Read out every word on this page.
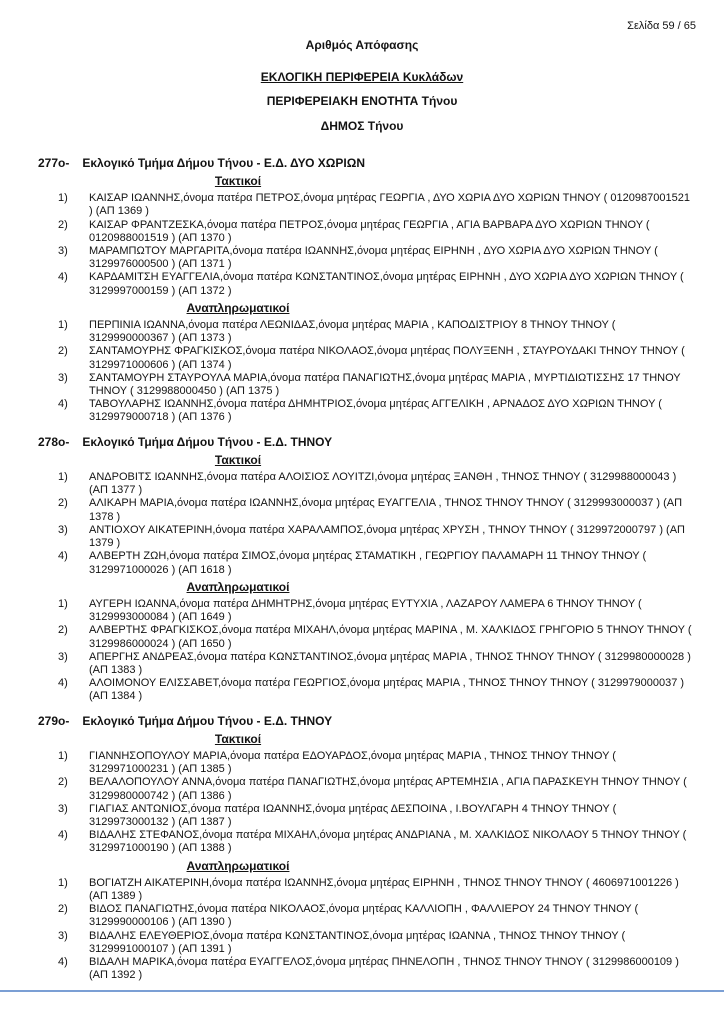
Σελίδα 59 / 65
Αριθμός Απόφασης
ΕΚΛΟΓΙΚΗ ΠΕΡΙΦΕΡΕΙΑ Κυκλάδων
ΠΕΡΙΦΕΡΕΙΑΚΗ ΕΝΟΤΗΤΑ Τήνου
ΔΗΜΟΣ Τήνου
277ο- Εκλογικό Τμήμα Δήμου Τήνου - Ε.Δ. ΔΥΟ ΧΩΡΙΩΝ
Τακτικοί
1)	ΚΑΙΣΑΡ ΙΩΑΝΝΗΣ,όνομα πατέρα ΠΕΤΡΟΣ,όνομα μητέρας ΓΕΩΡΓΙΑ , ΔΥΟ ΧΩΡΙΑ ΔΥΟ ΧΩΡΙΩΝ ΤΗΝΟΥ ( 0120987001521 ) (ΑΠ 1369 )
2)	ΚΑΙΣΑΡ ΦΡΑΝΤΖΕΣΚΑ,όνομα πατέρα ΠΕΤΡΟΣ,όνομα μητέρας ΓΕΩΡΓΙΑ , ΑΓΙΑ ΒΑΡΒΑΡΑ ΔΥΟ ΧΩΡΙΩΝ ΤΗΝΟΥ ( 0120988001519 ) (ΑΠ 1370 )
3)	ΜΑΡΑΜΠΩΤΟΥ ΜΑΡΓΑΡΙΤΑ,όνομα πατέρα ΙΩΑΝΝΗΣ,όνομα μητέρας ΕΙΡΗΝΗ , ΔΥΟ ΧΩΡΙΑ ΔΥΟ ΧΩΡΙΩΝ ΤΗΝΟΥ ( 3129976000500 ) (ΑΠ 1371 )
4)	ΚΑΡΔΑΜΙΤΣΗ ΕΥΑΓΓΕΛΙΑ,όνομα πατέρα ΚΩΝΣΤΑΝΤΙΝΟΣ,όνομα μητέρας ΕΙΡΗΝΗ , ΔΥΟ ΧΩΡΙΑ ΔΥΟ ΧΩΡΙΩΝ ΤΗΝΟΥ ( 3129997000159 ) (ΑΠ 1372 )
Αναπληρωματικοί
1)	ΠΕΡΠΙΝΙΑ ΙΩΑΝΝΑ,όνομα πατέρα ΛΕΩΝΙΔΑΣ,όνομα μητέρας ΜΑΡΙΑ , ΚΑΠΟΔΙΣΤΡΙΟΥ 8 ΤΗΝΟΥ ΤΗΝΟΥ ( 3129990000367 ) (ΑΠ 1373 )
2)	ΣΑΝΤΑΜΟΥΡΗΣ ΦΡΑΓΚΙΣΚΟΣ,όνομα πατέρα ΝΙΚΟΛΑΟΣ,όνομα μητέρας ΠΟΛΥΞΕΝΗ , ΣΤΑΥΡΟΥΔΑΚΙ ΤΗΝΟΥ ΤΗΝΟΥ ( 3129971000606 ) (ΑΠ 1374 )
3)	ΣΑΝΤΑΜΟΥΡΗ ΣΤΑΥΡΟΥΛΑ ΜΑΡΙΑ,όνομα πατέρα ΠΑΝΑΓΙΩΤΗΣ,όνομα μητέρας ΜΑΡΙΑ , ΜΥΡΤΙΔΙΩΤΙΣΣΗΣ 17 ΤΗΝΟΥ ΤΗΝΟΥ ( 3129988000450 ) (ΑΠ 1375 )
4)	ΤΑΒΟΥΛΑΡΗΣ ΙΩΑΝΝΗΣ,όνομα πατέρα ΔΗΜΗΤΡΙΟΣ,όνομα μητέρας ΑΓΓΕΛΙΚΗ , ΑΡΝΑΔΟΣ ΔΥΟ ΧΩΡΙΩΝ ΤΗΝΟΥ ( 3129979000718 ) (ΑΠ 1376 )
278ο- Εκλογικό Τμήμα Δήμου Τήνου - Ε.Δ. ΤΗΝΟΥ
Τακτικοί
1)	ΑΝΔΡΟΒΙΤΣ ΙΩΑΝΝΗΣ,όνομα πατέρα ΑΛΟΙΣΙΟΣ ΛΟΥΙΤΖΙ,όνομα μητέρας ΞΑΝΘΗ , ΤΗΝΟΣ ΤΗΝΟΥ ( 3129988000043 ) (ΑΠ 1377 )
2)	ΑΛΙΚΑΡΗ ΜΑΡΙΑ,όνομα πατέρα ΙΩΑΝΝΗΣ,όνομα μητέρας ΕΥΑΓΓΕΛΙΑ , ΤΗΝΟΣ ΤΗΝΟΥ ΤΗΝΟΥ ( 3129993000037 ) (ΑΠ 1378 )
3)	ΑΝΤΙΟΧΟΥ ΑΙΚΑΤΕΡΙΝΗ,όνομα πατέρα ΧΑΡΑΛΑΜΠΟΣ,όνομα μητέρας ΧΡΥΣΗ , ΤΗΝΟΥ ΤΗΝΟΥ ( 3129972000797 ) (ΑΠ 1379 )
4)	ΑΛΒΕΡΤΗ ΖΩΗ,όνομα πατέρα ΣΙΜΟΣ,όνομα μητέρας ΣΤΑΜΑΤΙΚΗ , ΓΕΩΡΓΙΟΥ ΠΑΛΑΜΑΡΗ 11 ΤΗΝΟΥ ΤΗΝΟΥ ( 3129971000026 ) (ΑΠ 1618 )
Αναπληρωματικοί
1)	ΑΥΓΕΡΗ ΙΩΑΝΝΑ,όνομα πατέρα ΔΗΜΗΤΡΗΣ,όνομα μητέρας ΕΥΤΥΧΙΑ , ΛΑΖΑΡΟΥ ΛΑΜΕΡΑ 6 ΤΗΝΟΥ ΤΗΝΟΥ ( 3129993000084 ) (ΑΠ 1649 )
2)	ΑΛΒΕΡΤΗΣ ΦΡΑΓΚΙΣΚΟΣ,όνομα πατέρα ΜΙΧΑΗΛ,όνομα μητέρας ΜΑΡΙΝΑ , Μ. ΧΑΛΚΙΔΟΣ ΓΡΗΓΟΡΙΟ 5 ΤΗΝΟΥ ΤΗΝΟΥ ( 3129986000024 ) (ΑΠ 1650 )
3)	ΑΠΕΡΓΗΣ ΑΝΔΡΕΑΣ,όνομα πατέρα ΚΩΝΣΤΑΝΤΙΝΟΣ,όνομα μητέρας ΜΑΡΙΑ , ΤΗΝΟΣ ΤΗΝΟΥ ΤΗΝΟΥ ( 3129980000028 ) (ΑΠ 1383 )
4)	ΑΛΟΙΜΟΝΟΥ ΕΛΙΣΣΑΒΕΤ,όνομα πατέρα ΓΕΩΡΓΙΟΣ,όνομα μητέρας ΜΑΡΙΑ , ΤΗΝΟΣ ΤΗΝΟΥ ΤΗΝΟΥ ( 3129979000037 ) (ΑΠ 1384 )
279ο- Εκλογικό Τμήμα Δήμου Τήνου - Ε.Δ. ΤΗΝΟΥ
Τακτικοί
1)	ΓΙΑΝΝΗΣΟΠΟΥΛΟΥ ΜΑΡΙΑ,όνομα πατέρα ΕΔΟΥΑΡΔΟΣ,όνομα μητέρας ΜΑΡΙΑ , ΤΗΝΟΣ ΤΗΝΟΥ ΤΗΝΟΥ ( 3129971000231 ) (ΑΠ 1385 )
2)	ΒΕΛΑΛΟΠΟΥΛΟΥ ΑΝΝΑ,όνομα πατέρα ΠΑΝΑΓΙΩΤΗΣ,όνομα μητέρας ΑΡΤΕΜΗΣΙΑ , ΑΓΙΑ ΠΑΡΑΣΚΕΥΗ ΤΗΝΟΥ ΤΗΝΟΥ ( 3129980000742 ) (ΑΠ 1386 )
3)	ΓΙΑΓΙΑΣ ΑΝΤΩΝΙΟΣ,όνομα πατέρα ΙΩΑΝΝΗΣ,όνομα μητέρας ΔΕΣΠΟΙΝΑ , Ι.ΒΟΥΛΓΑΡΗ 4 ΤΗΝΟΥ ΤΗΝΟΥ ( 3129973000132 ) (ΑΠ 1387 )
4)	ΒΙΔΑΛΗΣ ΣΤΕΦΑΝΟΣ,όνομα πατέρα ΜΙΧΑΗΛ,όνομα μητέρας ΑΝΔΡΙΑΝΑ , Μ. ΧΑΛΚΙΔΟΣ ΝΙΚΟΛΑΟΥ 5 ΤΗΝΟΥ ΤΗΝΟΥ ( 3129971000190 ) (ΑΠ 1388 )
Αναπληρωματικοί
1)	ΒΟΓΙΑΤΖΗ ΑΙΚΑΤΕΡΙΝΗ,όνομα πατέρα ΙΩΑΝΝΗΣ,όνομα μητέρας ΕΙΡΗΝΗ , ΤΗΝΟΣ ΤΗΝΟΥ ΤΗΝΟΥ ( 4606971001226 ) (ΑΠ 1389 )
2)	ΒΙΔΟΣ ΠΑΝΑΓΙΩΤΗΣ,όνομα πατέρα ΝΙΚΟΛΑΟΣ,όνομα μητέρας ΚΑΛΛΙΟΠΗ , ΦΑΛΛΙΕΡΟΥ 24 ΤΗΝΟΥ ΤΗΝΟΥ ( 3129990000106 ) (ΑΠ 1390 )
3)	ΒΙΔΑΛΗΣ ΕΛΕΥΘΕΡΙΟΣ,όνομα πατέρα ΚΩΝΣΤΑΝΤΙΝΟΣ,όνομα μητέρας ΙΩΑΝΝΑ , ΤΗΝΟΣ ΤΗΝΟΥ ΤΗΝΟΥ ( 3129991000107 ) (ΑΠ 1391 )
4)	ΒΙΔΑΛΗ ΜΑΡΙΚΑ,όνομα πατέρα ΕΥΑΓΓΕΛΟΣ,όνομα μητέρας ΠΗΝΕΛΟΠΗ , ΤΗΝΟΣ ΤΗΝΟΥ ΤΗΝΟΥ ( 3129986000109 ) (ΑΠ 1392 )
